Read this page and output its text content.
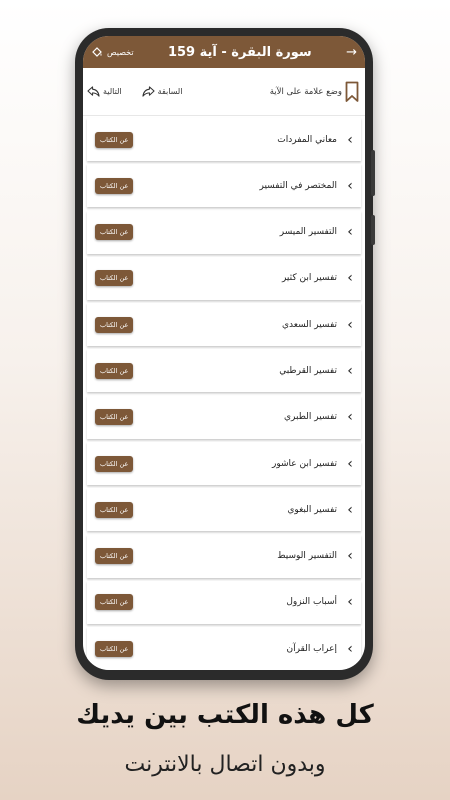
تخصيص	سورة البقرة - آية 159	→
التالية	السابقة	وضع علامة على الآية
عن الكتاب	معاني المفردات ‹
عن الكتاب	المختصر في التفسير ‹
عن الكتاب	التفسير الميسر ‹
عن الكتاب	تفسير ابن كثير ‹
عن الكتاب	تفسير السعدي ‹
عن الكتاب	تفسير القرطبي ‹
عن الكتاب	تفسير الطبري ‹
عن الكتاب	تفسير ابن عاشور ‹
عن الكتاب	تفسير البغوي ‹
عن الكتاب	التفسير الوسيط ‹
عن الكتاب	أسباب النزول ‹
عن الكتاب	إعراب القرآن ‹
كل هذه الكتب بين يديك
وبدون اتصال بالانترنت
